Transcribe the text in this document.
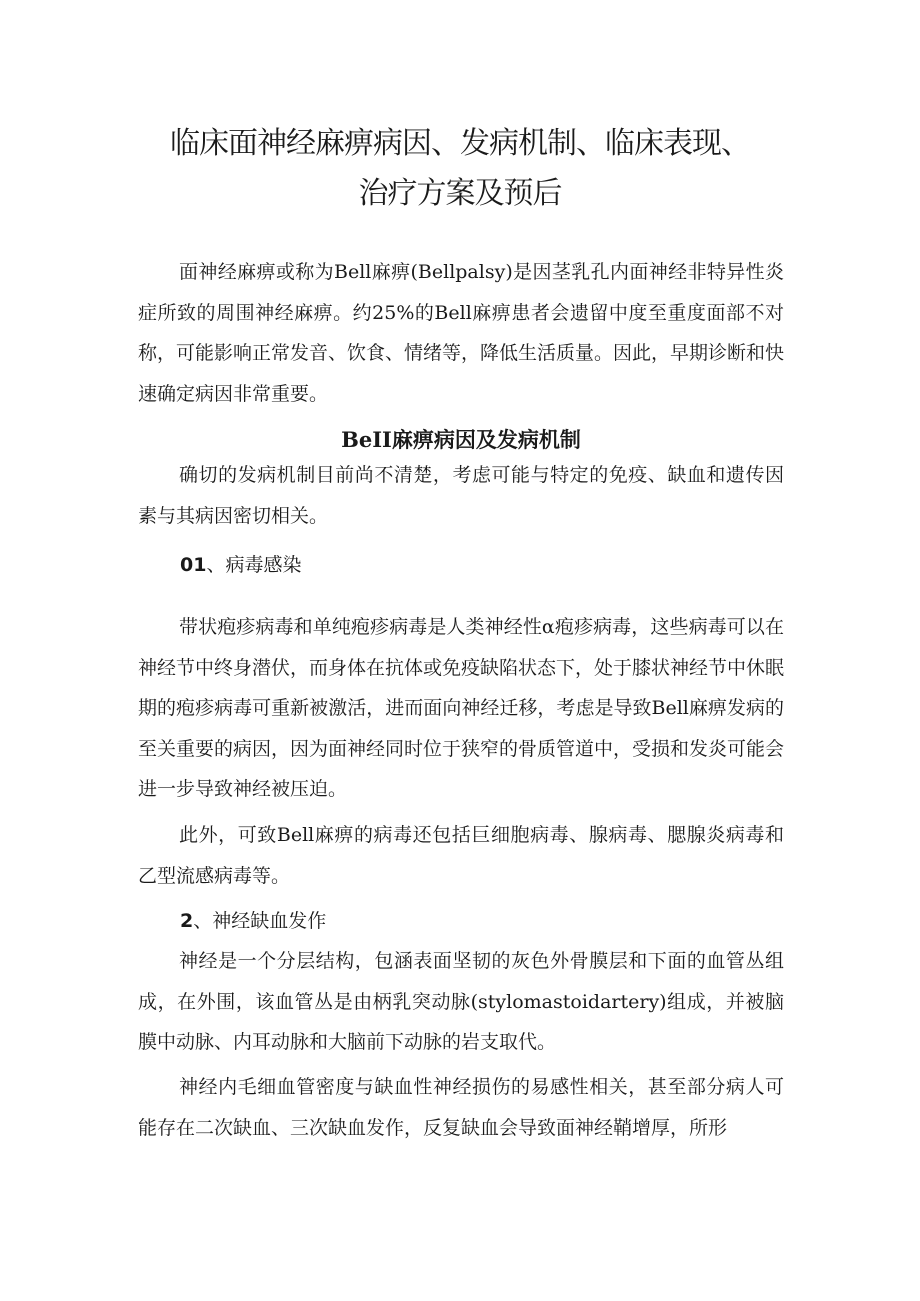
临床面神经麻痹病因、发病机制、临床表现、
治疗方案及预后

面神经麻痹或称为Bell麻痹(Bellpalsy)是因茎乳孔内面神经非特异性炎症所致的周围神经麻痹。约25%的Bell麻痹患者会遗留中度至重度面部不对称，可能影响正常发音、饮食、情绪等，降低生活质量。因此，早期诊断和快速确定病因非常重要。

BeII麻痹病因及发病机制

确切的发病机制目前尚不清楚，考虑可能与特定的免疫、缺血和遗传因素与其病因密切相关。

01、病毒感染

带状疱疹病毒和单纯疱疹病毒是人类神经性α疱疹病毒，这些病毒可以在神经节中终身潜伏，而身体在抗体或免疫缺陷状态下，处于膝状神经节中休眠期的疱疹病毒可重新被激活，进而面向神经迁移，考虑是导致Bell麻痹发病的至关重要的病因，因为面神经同时位于狭窄的骨质管道中，受损和发炎可能会进一步导致神经被压迫。

此外，可致Bell麻痹的病毒还包括巨细胞病毒、腺病毒、腮腺炎病毒和乙型流感病毒等。

2、神经缺血发作

神经是一个分层结构，包涵表面坚韧的灰色外骨膜层和下面的血管丛组成，在外围，该血管丛是由柄乳突动脉(stylomastoidartery)组成，并被脑膜中动脉、内耳动脉和大脑前下动脉的岩支取代。

神经内毛细血管密度与缺血性神经损伤的易感性相关，甚至部分病人可能存在二次缺血、三次缺血发作，反复缺血会导致面神经鞘增厚，所形
